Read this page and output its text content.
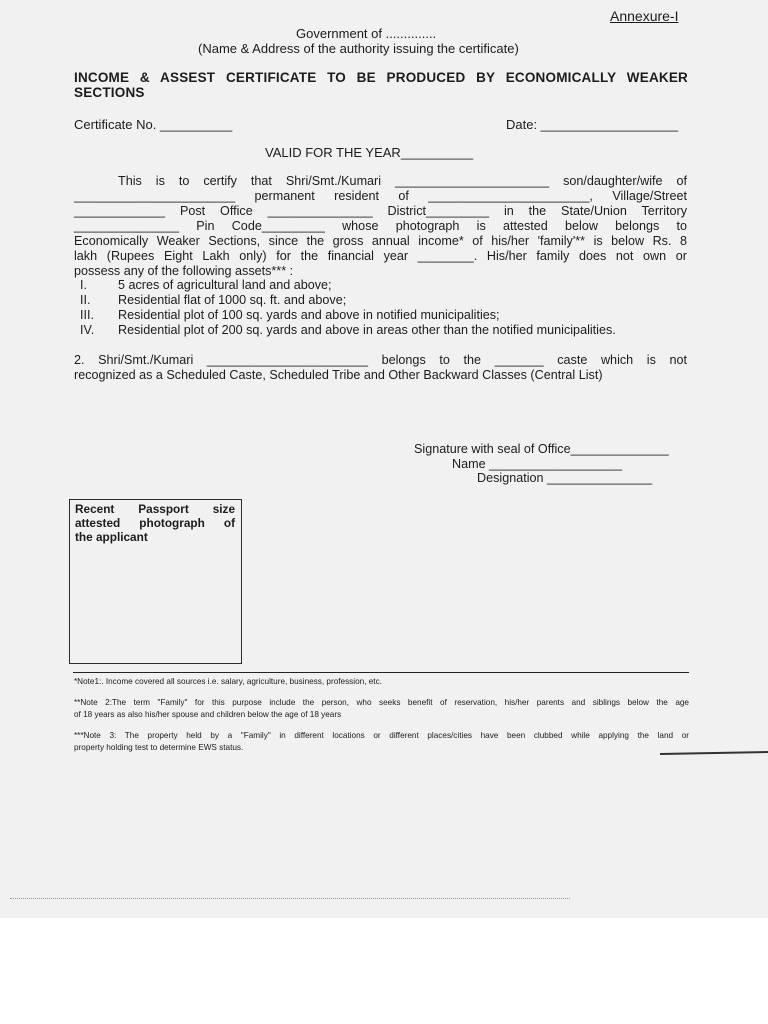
Annexure-I
Government of ..............
(Name & Address of the authority issuing the certificate)
INCOME & ASSEST CERTIFICATE TO BE PRODUCED BY ECONOMICALLY WEAKER
SECTIONS
Certificate No. __________	Date: ___________________
VALID FOR THE YEAR__________

This is to certify that Shri/Smt./Kumari ______________________ son/daughter/wife of

_______________________ permanent resident of _______________________, Village/Street

_____________ Post Office _______________ District_________ in the State/Union Territory

_______________ Pin Code_________ whose photograph is attested below belongs to

Economically Weaker Sections, since the gross annual income* of his/her 'family'** is below Rs. 8

lakh (Rupees Eight Lakh only) for the financial year ________. His/her family does not own or

possess any of the following assets*** :

I.	5 acres of agricultural land and above;
II.	Residential flat of 1000 sq. ft. and above;
III.	Residential plot of 100 sq. yards and above in notified municipalities;
IV.	Residential plot of 200 sq. yards and above in areas other than the notified municipalities.

2. Shri/Smt./Kumari _______________________ belongs to the _______ caste which is not

recognized as a Scheduled Caste, Scheduled Tribe and Other Backward Classes (Central List)

Signature with seal of Office______________
Name ___________________
Designation _______________

Recent Passport size

attested photograph of

the applicant

*Note1:. Income covered all sources i.e. salary, agriculture, business, profession, etc.

**Note 2:The term "Family" for this purpose include the person, who seeks benefit of reservation, his/her parents and siblings below the age

of 18 years as also his/her spouse and children below the age of 18 years

***Note 3: The property held by a "Family" in different locations or different places/cities have been clubbed while applying the land or

property holding test to determine EWS status.
